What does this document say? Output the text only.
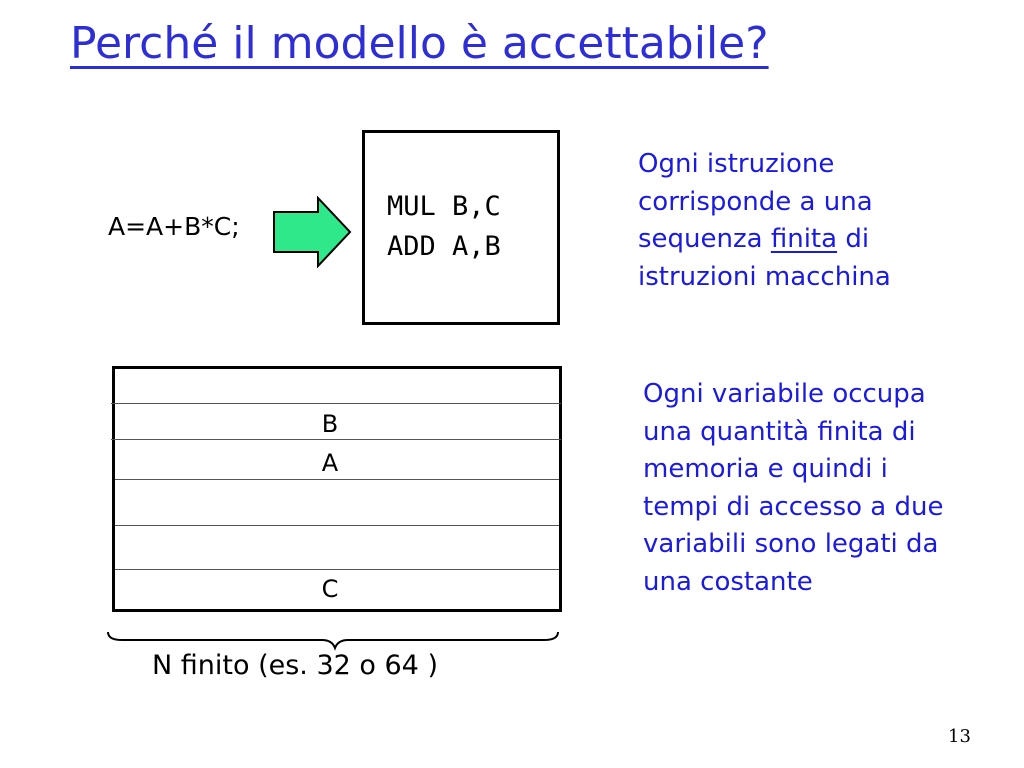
Perché il modello è accettabile?
A=A+B*C;
MUL B,C
ADD A,B
Ogni istruzione
corrisponde a una
sequenza finita di
istruzioni macchina
B
A
C
N finito (es. 32 o 64 )
Ogni variabile occupa
una quantità finita di
memoria e quindi i
tempi di accesso a due
variabili sono legati da
una costante
13
